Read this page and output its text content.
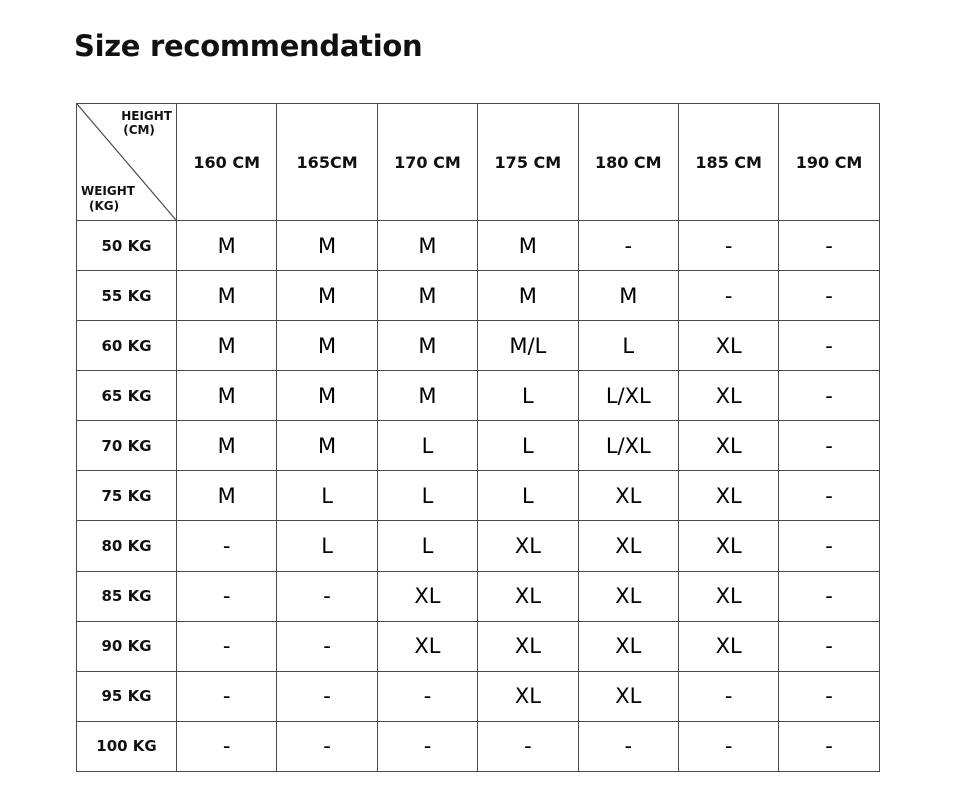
Size recommendation
HEIGHT
(CM)
WEIGHT
(KG)	160 CM	165CM	170 CM	175 CM	180 CM	185 CM	190 CM
50 KG	M	M	M	M	-	-	-
55 KG	M	M	M	M	M	-	-
60 KG	M	M	M	M/L	L	XL	-
65 KG	M	M	M	L	L/XL	XL	-
70 KG	M	M	L	L	L/XL	XL	-
75 KG	M	L	L	L	XL	XL	-
80 KG	-	L	L	XL	XL	XL	-
85 KG	-	-	XL	XL	XL	XL	-
90 KG	-	-	XL	XL	XL	XL	-
95 KG	-	-	-	XL	XL	-	-
100 KG	-	-	-	-	-	-	-
